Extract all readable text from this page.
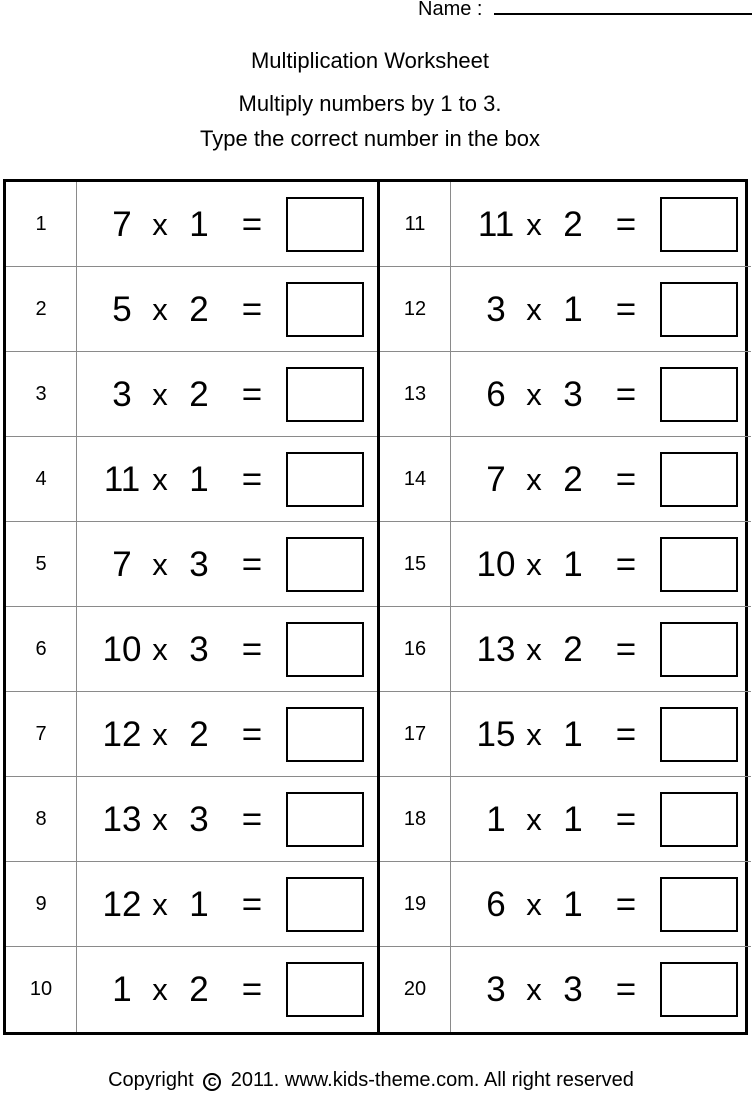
Name :
Multiplication Worksheet
Multiply numbers by 1 to 3.
Type the correct number in the box
1	7 x 1 =
2	5 x 2 =
3	3 x 2 =
4	11 x 1 =
5	7 x 3 =
6	10 x 3 =
7	12 x 2 =
8	13 x 3 =
9	12 x 1 =
10	1 x 2 =
11	11 x 2 =
12	3 x 1 =
13	6 x 3 =
14	7 x 2 =
15	10 x 1 =
16	13 x 2 =
17	15 x 1 =
18	1 x 1 =
19	6 x 1 =
20	3 x 3 =
Copyright C 2011. www.kids-theme.com. All right reserved
